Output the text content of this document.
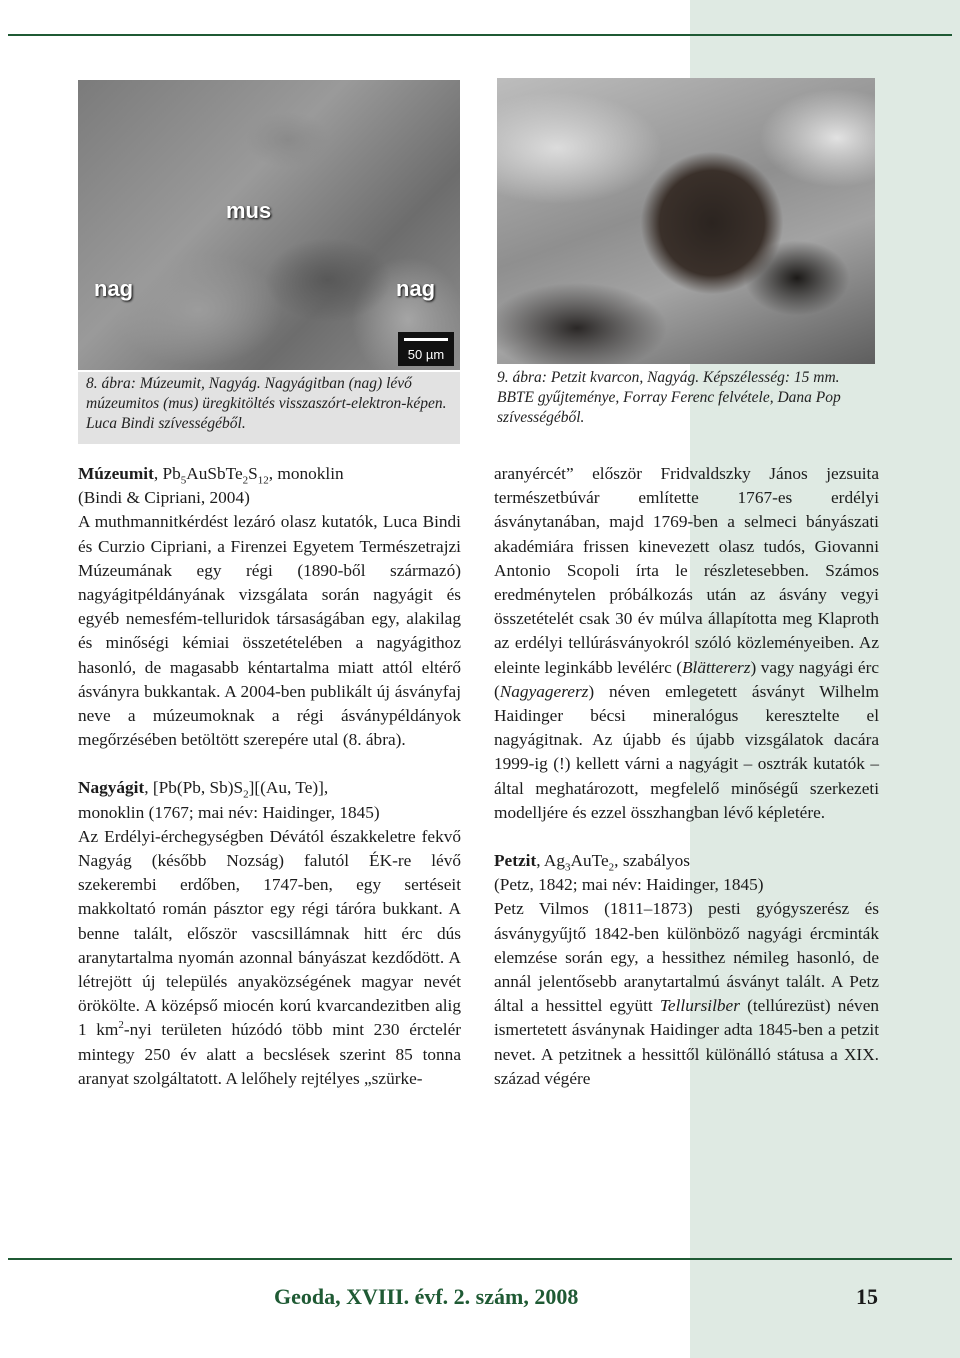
mus
nag	nag
50 µm
8. ábra: Múzeumit, Nagyág. Nagyágitban (nag) lévő múzeumitos (mus) üregkitöltés visszaszórt-elektron-képen. Luca Bindi szívességéből.
9. ábra: Petzit kvarcon, Nagyág. Képszélesség: 15 mm. BBTE gyűjteménye, Forray Ferenc felvétele, Dana Pop szívességéből.

Múzeumit, $Pb_5AuSbTe_2S_{12}$, monoklin

(Bindi & Cipriani, 2004)

A muthmannitkérdést lezáró olasz kutatók, Luca Bindi és Curzio Cipriani, a Firenzei Egyetem Természetrajzi Múzeumának egy régi (1890-ből származó) nagyágitpéldányának vizsgálata során nagyágit és egyéb nemesfém-telluridok társaságában egy, alakilag és minőségi kémiai összetételében a nagyágithoz hasonló, de magasabb kéntartalma miatt attól eltérő ásványra bukkantak. A 2004-ben publikált új ásványfaj neve a múzeumoknak a régi ásványpéldányok megőrzésében betöltött szerepére utal (8. ábra).

Nagyágit, [Pb(Pb, $Sb)S_2][(Au$, Te)],

monoklin (1767; mai név: Haidinger, 1845)

Az Erdélyi-érchegységben Dévától északkeletre fekvő Nagyág (később Nozság) falutól ÉK-re lévő szekerembi erdőben, 1747-ben, egy sertéseit makkoltató román pásztor egy régi tárórа bukkant. A benne talált, először vascsillámnak hitt érc dús aranytartalma nyomán azonnal bányászat kezdődött. A létrejött új település anyaközségének magyar nevét örökölte. A középső miocén korú kvarcandezitben alig 1 $km^2$-nyi területen húzódó több mint 230 érctelér mintegy 250 év alatt a becslések szerint 85 tonna aranyat szolgáltatott. A lelőhely rejtélyes „szürke-

aranyércét” először Fridvaldszky János jezsuita természetbúvár említette 1767-es erdélyi ásványtanában, majd 1769-ben a selmeci bányászati akadémiára frissen kinevezett olasz tudós, Giovanni Antonio Scopoli írta le részletesebben. Számos eredménytelen próbálkozás után az ásvány vegyi összetételét csak 30 év múlva állapította meg Klaproth az erdélyi tellúrásványokról szóló közleményeiben. Az eleinte leginkább levélérc (Blättererz) vagy nagyági érc (Nagyagererz) néven emlegetett ásványt Wilhelm Haidinger bécsi mineralógus keresztelte el nagyágitnak. Az újabb és újabb vizsgálatok dacára 1999-ig (!) kellett várni a nagyágit – osztrák kutatók – által meghatározott, megfelelő minőségű szerkezeti modelljére és ezzel összhangban lévő képletére.

Petzit, $Ag_3AuTe_2$, szabályos

(Petz, 1842; mai név: Haidinger, 1845)

Petz Vilmos (1811–1873) pesti gyógyszerész és ásványgyűjtő 1842-ben különböző nagyági ércminták elemzése során egy, a hessithez némileg hasonló, de annál jelentősebb aranytartalmú ásványt talált. A Petz által a hessittel együtt Tellursilber (tellúrezüst) néven ismertetett ásványnak Haidinger adta 1845-ben a petzit nevet. A petzitnek a hessittől különálló státusa a XIX. század végére

Geoda, XVIII. évf. 2. szám, 2008	15
